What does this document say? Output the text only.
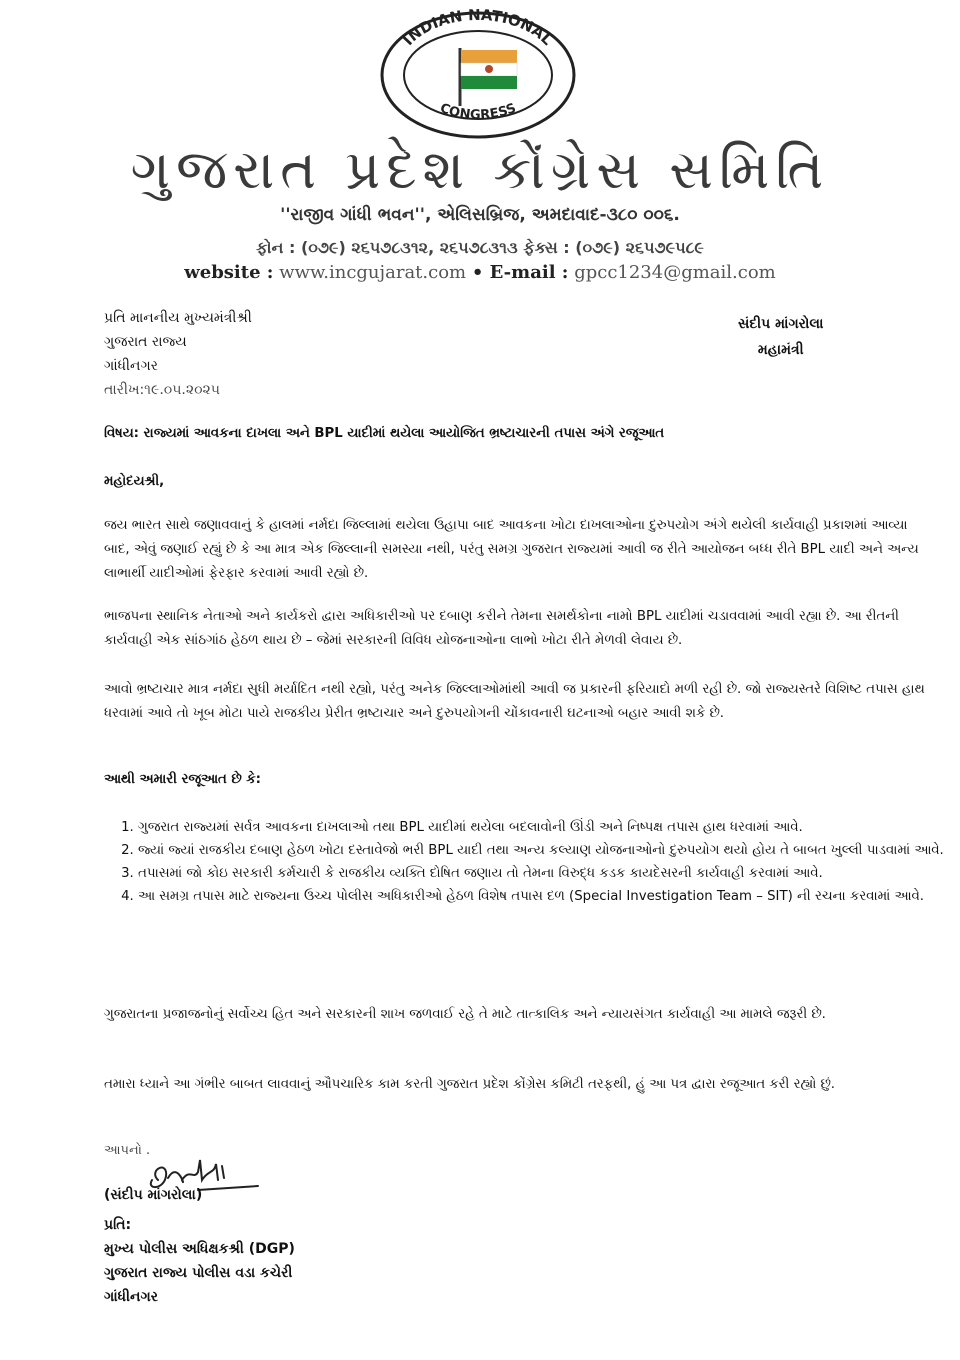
INDIAN NATIONAL
CONGRESS
ગુજરાત પ્રદેશ કોંગ્રેસ સમિતિ
''રાજીવ ગાંધી ભવન'', એલિસબ્રિજ, અમદાવાદ-૩૮૦ ૦૦૬.
ફોન : (૦૭૯) ૨૬૫૭૮૩૧૨, ૨૬૫૭૮૩૧૩ ફેક્સ : (૦૭૯) ૨૬૫૭૯૫૮૯
website : www.incgujarat.com • E-mail : gpcc1234@gmail.com
પ્રતિ માનનીય મુખ્યમંત્રીશ્રી
ગુજરાત રાજ્ય
ગાંધીનગર
તારીખ:૧૯.૦૫.૨૦૨૫
સંદીપ માંગરોલા
મહામંત્રી
વિષય: રાજ્યમાં આવકના દાખલા અને BPL યાદીમાં થયેલા આયોજિત ભ્રષ્ટાચારની તપાસ અંગે રજૂઆત
મહોદયશ્રી,
જય ભારત સાથે જણાવવાનું કે હાલમાં નર્મદા જિલ્લામાં થયેલા ઉહાપા બાદ આવકના ખોટા દાખલાઓના દુરુપયોગ અંગે થયેલી કાર્યવાહી પ્રકાશમાં આવ્યા બાદ, એવું જણાઈ રહ્યું છે કે આ માત્ર એક જિલ્લાની સમસ્યા નથી, પરંતુ સમગ્ર ગુજરાત રાજ્યમાં આવી જ રીતે આયોજન બધ્ધ રીતે BPL યાદી અને અન્ય લાભાર્થી યાદીઓમાં ફેરફાર કરવામાં આવી રહ્યો છે.
ભાજપના સ્થાનિક નેતાઓ અને કાર્યકરો દ્વારા અધિકારીઓ પર દબાણ કરીને તેમના સમર્થકોના નામો BPL યાદીમાં ચડાવવામાં આવી રહ્યા છે. આ રીતની કાર્યવાહી એક સાંઠગાંઠ હેઠળ થાય છે – જેમાં સરકારની વિવિધ યોજનાઓના લાભો ખોટા રીતે મેળવી લેવાય છે.
આવો ભ્રષ્ટાચાર માત્ર નર્મદા સુધી મર્યાદિત નથી રહ્યો, પરંતુ અનેક જિલ્લાઓમાંથી આવી જ પ્રકારની ફરિયાદો મળી રહી છે. જો રાજ્યસ્તરે વિશિષ્ટ તપાસ હાથ ધરવામાં આવે તો ખૂબ મોટા પાયે રાજકીય પ્રેરીત ભ્રષ્ટાચાર અને દુરુપયોગની ચોંકાવનારી ઘટનાઓ બહાર આવી શકે છે.
આથી અમારી રજૂઆત છે કે:
1. ગુજરાત રાજ્યમાં સર્વત્ર આવકના દાખલાઓ તથા BPL યાદીમાં થયેલા બદલાવોની ઊંડી અને નિષ્પક્ષ તપાસ હાથ ધરવામાં આવે.
2. જ્યાં જ્યાં રાજકીય દબાણ હેઠળ ખોટા દસ્તાવેજો ભરી BPL યાદી તથા અન્ય કલ્યાણ યોજનાઓનો દુરુપયોગ થયો હોય તે બાબત ખુલ્લી પાડવામાં આવે.
3. તપાસમાં જો કોઇ સરકારી કર્મચારી કે રાજકીય વ્યક્તિ દોષિત જણાય તો તેમના વિરુદ્ધ કડક કાયદેસરની કાર્યવાહી કરવામાં આવે.
4. આ સમગ્ર તપાસ માટે રાજ્યના ઉચ્ચ પોલીસ અધિકારીઓ હેઠળ વિશેષ તપાસ દળ (Special Investigation Team – SIT) ની રચના કરવામાં આવે.
ગુજરાતના પ્રજાજનોનું સર્વોચ્ચ હિત અને સરકારની શાખ જળવાઈ રહે તે માટે તાત્કાલિક અને ન્યાયસંગત કાર્યવાહી આ મામલે જરૂરી છે.
તમારા ધ્યાને આ ગંભીર બાબત લાવવાનું ઔપચારિક કામ કરતી ગુજરાત પ્રદેશ કોંગ્રેસ કમિટી તરફથી, હું આ પત્ર દ્વારા રજૂઆત કરી રહ્યો છું.
આપનો .
(સંદીપ માંગરોલા)
પ્રતિ:
મુખ્ય પોલીસ અધિક્ષકશ્રી (DGP)
ગુજરાત રાજ્ય પોલીસ વડા કચેરી
ગાંધીનગર
